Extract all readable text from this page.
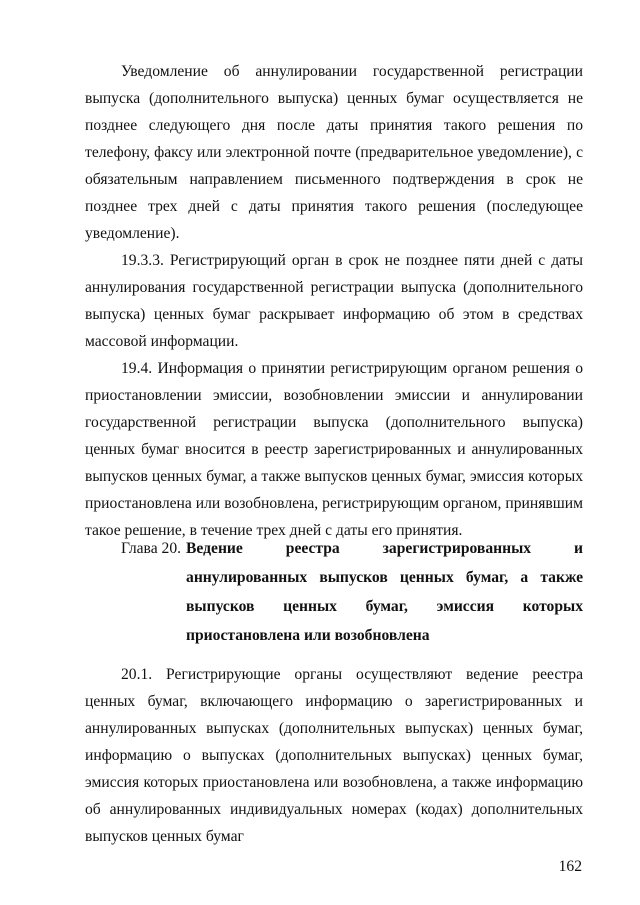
Уведомление об аннулировании государственной регистрации выпуска (дополнительного выпуска) ценных бумаг осуществляется не позднее следующего дня после даты принятия такого решения по телефону, факсу или электронной почте (предварительное уведомление), с обязательным направлением письменного подтверждения в срок не позднее трех дней с даты принятия такого решения (последующее уведомление).

19.3.3. Регистрирующий орган в срок не позднее пяти дней с даты аннулирования государственной регистрации выпуска (дополнительного выпуска) ценных бумаг раскрывает информацию об этом в средствах массовой информации.

19.4. Информация о принятии регистрирующим органом решения о приостановлении эмиссии, возобновлении эмиссии и аннулировании государственной регистрации выпуска (дополнительного выпуска) ценных бумаг вносится в реестр зарегистрированных и аннулированных выпусков ценных бумаг, а также выпусков ценных бумаг, эмиссия которых приостановлена или возобновлена, регистрирующим органом, принявшим такое решение, в течение трех дней с даты его принятия.

Глава 20. Ведение реестра зарегистрированных и аннулированных выпусков ценных бумаг, а также выпусков ценных бумаг, эмиссия которых приостановлена или возобновлена

20.1. Регистрирующие органы осуществляют ведение реестра ценных бумаг, включающего информацию о зарегистрированных и аннулированных выпусках (дополнительных выпусках) ценных бумаг, информацию о выпусках (дополнительных выпусках) ценных бумаг, эмиссия которых приостановлена или возобновлена, а также информацию об аннулированных индивидуальных номерах (кодах) дополнительных выпусков ценных бумаг

162
